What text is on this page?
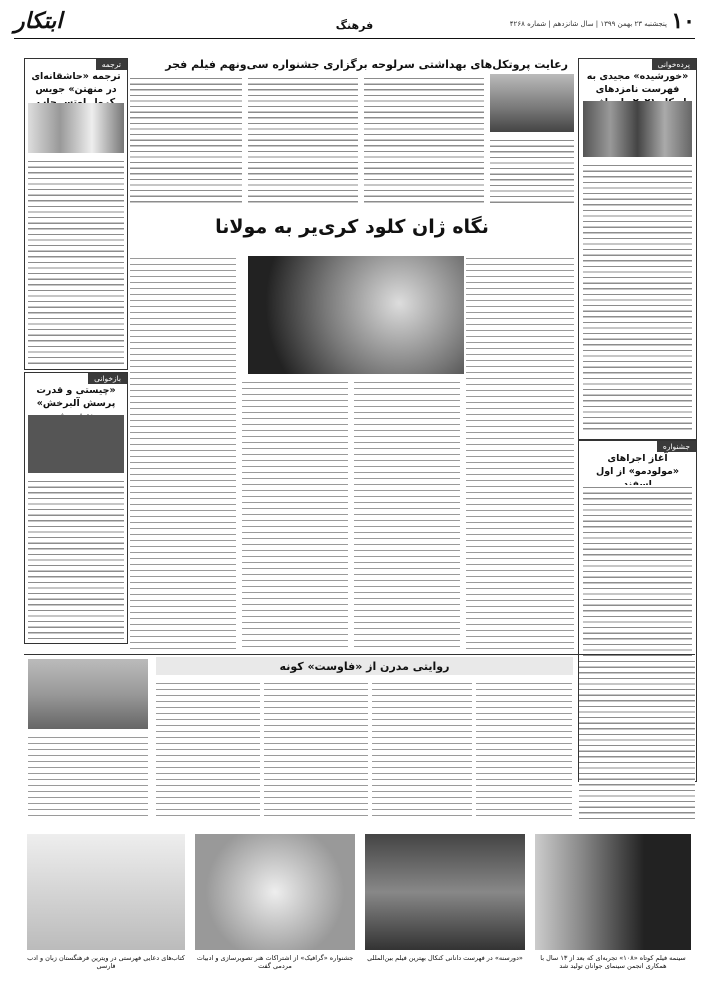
۱۰
پنجشنبه ۲۳ بهمن ۱۳۹۹ | سال شانزدهم | شماره ۴۲۶۸
فرهنگ
ابتکار
پرده‌خوانی
«خورشیده» مجیدی به فهرست نامزدهای
جشنواره
آغاز اجراهای «مولودمو» از اول
رعایت پروتکل‌های بهداشتی سرلوحه برگزاری جشنواره سی‌ونهم فیلم فجر
ترجمه
ترجمه «حاشقانه‌ای در منهتن» جویس
بازخوانی
«چیستی و قدرت پرسش آلبرخش»
نگاه ژان کلود کری‌یر به مولانا
روایتی مدرن از «فاوست» کونه
سینمه فیلم کوتاه «۱۰۸» تجربه‌ای که بعد از ۱۳ سال با همکاری انجمن سینمای جوانان تولید شد
«دورسنه» در فهرست دانانی کنکال بهترین فیلم بین‌المللی
جشنواره «گرافیک» از اشتراکات هنر تصویرسازی و ادبیات مردمی گفت
کتاب‌های دعایی فهرستی در ویترین فرهنگستان زبان و ادب فارسی
